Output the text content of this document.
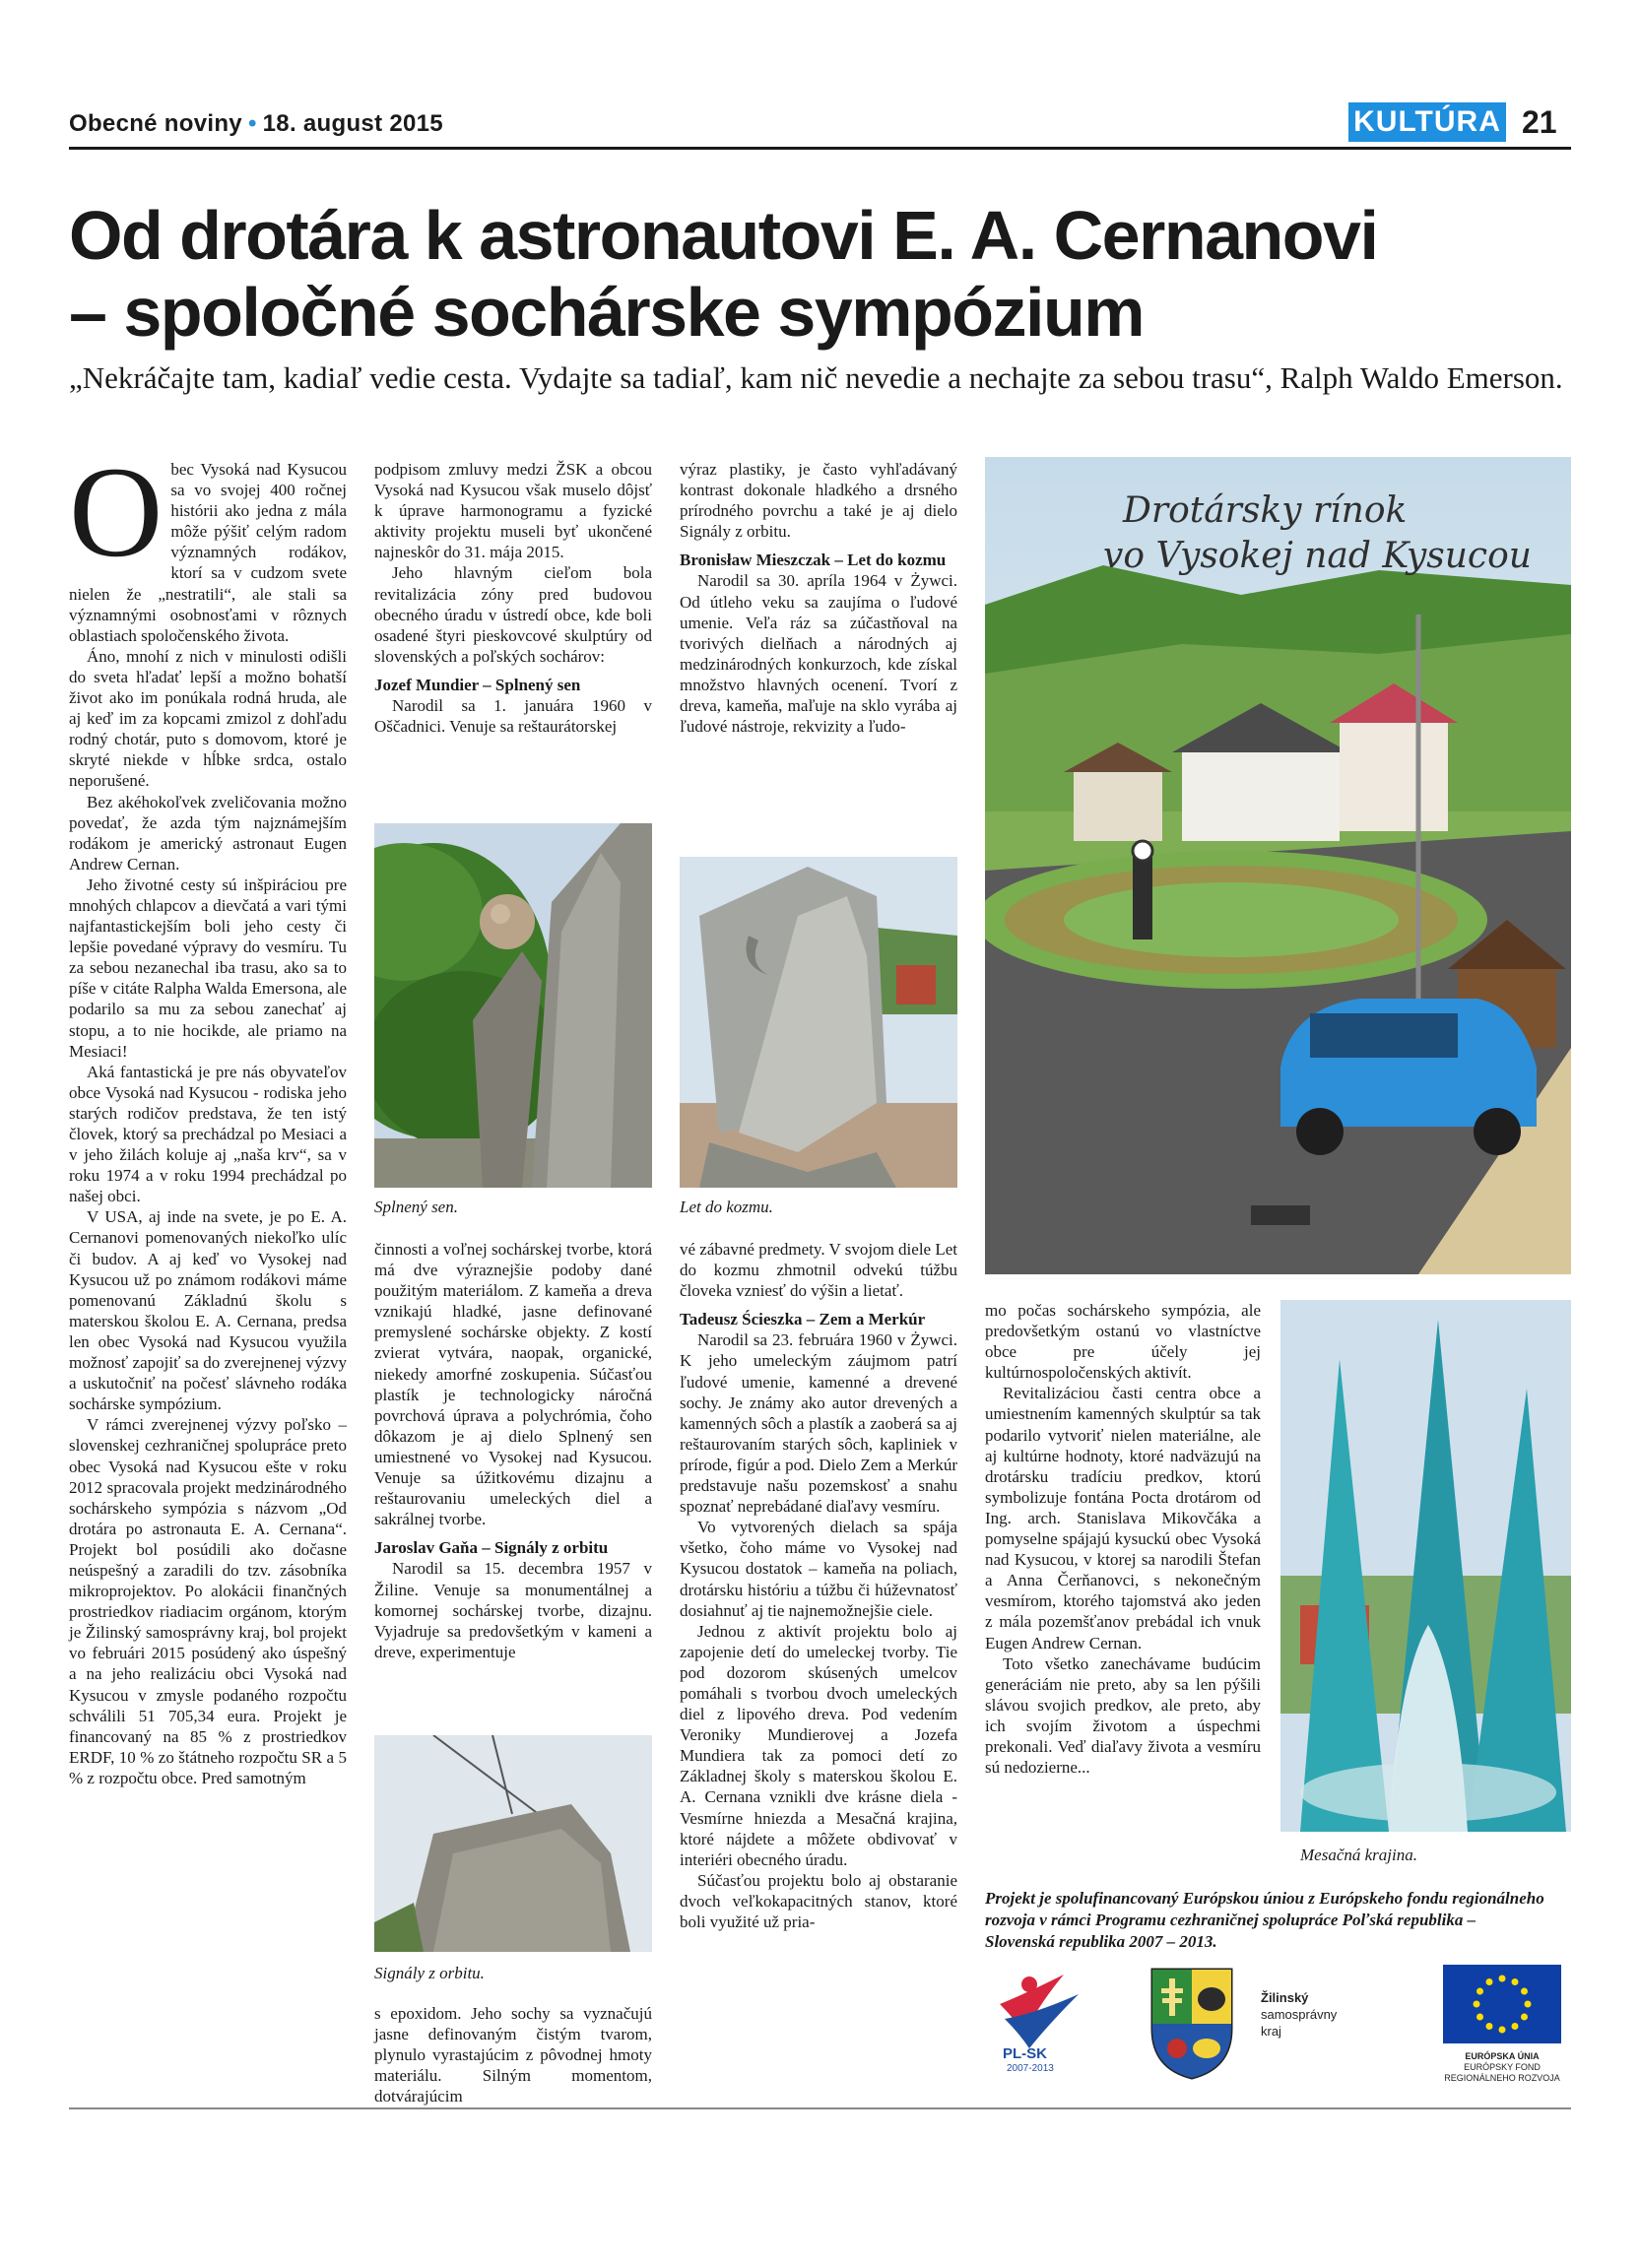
Obecné noviny • 18. august 2015	KULTÚRA 21
Od drotára k astronautovi E. A. Cernanovi
– spoločné sochárske sympózium
„Nekráčajte tam, kadiaľ vedie cesta. Vydajte sa tadiaľ, kam nič nevedie a nechajte za sebou trasu“, Ralph Waldo Emerson.
O bec Vysoká nad Kysucou sa vo svojej 400 ročnej histórii ako jedna z mála môže pýšiť celým radom významných rodákov, ktorí sa v cudzom svete nielen že „nestratili“, ale stali sa významnými osobnosťami v rôznych oblastiach spoločenského života.

Áno, mnohí z nich v minulosti odišli do sveta hľadať lepší a možno bohatší život ako im ponúkala rodná hruda, ale aj keď im za kopcami zmizol z dohľadu rodný chotár, puto s domovom, ktoré je skryté niekde v hĺbke srdca, ostalo neporušené.

Bez akéhokoľvek zveličovania možno povedať, že azda tým najznámejším rodákom je americký astronaut Eugen Andrew Cernan.

Jeho životné cesty sú inšpiráciou pre mnohých chlapcov a dievčatá a vari tými najfantastickejším boli jeho cesty či lepšie povedané výpravy do vesmíru. Tu za sebou nezanechal iba trasu, ako sa to píše v citáte Ralpha Walda Emersona, ale podarilo sa mu za sebou zanechať aj stopu, a to nie hocikde, ale priamo na Mesiaci!

Aká fantastická je pre nás obyvateľov obce Vysoká nad Kysucou - rodiska jeho starých rodičov predstava, že ten istý človek, ktorý sa prechádzal po Mesiaci a v jeho žilách koluje aj „naša krv“, sa v roku 1974 a v roku 1994 prechádzal po našej obci.

V USA, aj inde na svete, je po E. A. Cernanovi pomenovaných niekoľko ulíc či budov. A aj keď vo Vysokej nad Kysucou už po známom rodákovi máme pomenovanú Základnú školu s materskou školou E. A. Cernana, predsa len obec Vysoká nad Kysucou využila možnosť zapojiť sa do zverejnenej výzvy a uskutočniť na počesť slávneho rodáka sochárske sympózium.

V rámci zverejnenej výzvy poľsko – slovenskej cezhraničnej spolupráce preto obec Vysoká nad Kysucou ešte v roku 2012 spracovala projekt medzinárodného sochárskeho sympózia s názvom „Od drotára po astronauta E. A. Cernana“. Projekt bol posúdili ako dočasne neúspešný a zaradili do tzv. zásobníka mikroprojektov. Po alokácii finančných prostriedkov riadiacim orgánom, ktorým je Žilinský samosprávny kraj, bol projekt vo februári 2015 posúdený ako úspešný a na jeho realizáciu obci Vysoká nad Kysucou v zmysle podaného rozpočtu schválili 51 705,34 eura. Projekt je financovaný na 85 % z prostriedkov ERDF, 10 % zo štátneho rozpočtu SR a 5 % z rozpočtu obce. Pred samotným

podpisom zmluvy medzi ŽSK a obcou Vysoká nad Kysucou však muselo dôjsť k úprave harmonogramu a fyzické aktivity projektu museli byť ukončené najneskôr do 31. mája 2015.

Jeho hlavným cieľom bola revitalizácia zóny pred budovou obecného úradu v ústredí obce, kde boli osadené štyri pieskovcové skulptúry od slovenských a poľských sochárov:

Jozef Mundier – Splnený sen

Narodil sa 1. januára 1960 v Oščadnici. Venuje sa reštaurátorskej

Splnený sen.

činnosti a voľnej sochárskej tvorbe, ktorá má dve výraznejšie podoby dané použitým materiálom. Z kameňa a dreva vznikajú hladké, jasne definované premyslené sochárske objekty. Z kostí zvierat vytvára, naopak, organické, niekedy amorfné zoskupenia. Súčasťou plastík je technologicky náročná povrchová úprava a polychrómia, čoho dôkazom je aj dielo Splnený sen umiestnené vo Vysokej nad Kysucou. Venuje sa úžitkovému dizajnu a reštaurovaniu umeleckých diel a sakrálnej tvorbe.

Jaroslav Gaňa – Signály z orbitu

Narodil sa 15. decembra 1957 v Žiline. Venuje sa monumentálnej a komornej sochárskej tvorbe, dizajnu. Vyjadruje sa predovšetkým v kameni a dreve, experimentuje

Signály z orbitu.

s epoxidom. Jeho sochy sa vyznačujú jasne definovaným čistým tvarom, plynulo vyrastajúcim z pôvodnej hmoty materiálu. Silným momentom, dotvárajúcim

výraz plastiky, je často vyhľadávaný kontrast dokonale hladkého a drsného prírodného povrchu a také je aj dielo Signály z orbitu.

Bronisław Mieszczak – Let do kozmu

Narodil sa 30. apríla 1964 v Żywci. Od útleho veku sa zaujíma o ľudové umenie. Veľa ráz sa zúčastňoval na tvorivých dielňach a národných aj medzinárodných konkurzoch, kde získal množstvo hlavných ocenení. Tvorí z dreva, kameňa, maľuje na sklo vyrába aj ľudové nástroje, rekvizity a ľudo-

Let do kozmu.

vé zábavné predmety. V svojom diele Let do kozmu zhmotnil odvekú túžbu človeka vzniesť do výšin a lietať.

Tadeusz Ścieszka – Zem a Merkúr

Narodil sa 23. februára 1960 v Żywci. K jeho umeleckým záujmom patrí ľudové umenie, kamenné a drevené sochy. Je známy ako autor drevených a kamenných sôch a plastík a zaoberá sa aj reštaurovaním starých sôch, kapliniek v prírode, figúr a pod. Dielo Zem a Merkúr predstavuje našu pozemskosť a snahu spoznať neprebádané diaľavy vesmíru.

Vo vytvorených dielach sa spája všetko, čoho máme vo Vysokej nad Kysucou dostatok – kameňa na poliach, drotársku históriu a túžbu či húževnatosť dosiahnuť aj tie najnemožnejšie ciele.

Jednou z aktivít projektu bolo aj zapojenie detí do umeleckej tvorby. Tie pod dozorom skúsených umelcov pomáhali s tvorbou dvoch umeleckých diel z lipového dreva. Pod vedením Veroniky Mundierovej a Jozefa Mundiera tak za pomoci detí zo Základnej školy s materskou školou E. A. Cernana vznikli dve krásne diela - Vesmírne hniezda a Mesačná krajina, ktoré nájdete a môžete obdivovať v interiéri obecného úradu.

Súčasťou projektu bolo aj obstaranie dvoch veľkokapacitných stanov, ktoré boli využité už pria-

Drotársky rínok
vo Vysokej nad Kysucou

mo počas sochárskeho sympózia, ale predovšetkým ostanú vo vlastníctve obce pre účely jej kultúrnospoločenských aktivít.

Revitalizáciou časti centra obce a umiestnením kamenných skulptúr sa tak podarilo vytvoriť nielen materiálne, ale aj kultúrne hodnoty, ktoré nadväzujú na drotársku tradíciu predkov, ktorú symbolizuje fontána Pocta drotárom od Ing. arch. Stanislava Mikovčáka a pomyselne spájajú kysuckú obec Vysoká nad Kysucou, v ktorej sa narodili Štefan a Anna Čerňanovci, s nekonečným vesmírom, ktorého tajomstvá ako jeden z mála pozemšťanov prebádal ich vnuk Eugen Andrew Cernan.

Toto všetko zanechávame budúcim generáciám nie preto, aby sa len pýšili slávou svojich predkov, ale preto, aby ich svojím životom a úspechmi prekonali. Veď diaľavy života a vesmíru sú nedozierne...

Mesačná krajina.
Projekt je spolufinancovaný Európskou úniou z Európskeho fondu regionálneho rozvoja v rámci Programu cezhraničnej spolupráce Poľská republika – Slovenská republika 2007 – 2013.
PL-SK
2007-2013
Žilinský
samosprávny
kraj
EURÓPSKA ÚNIA
EURÓPSKY FOND
REGIONÁLNEHO ROZVOJA
